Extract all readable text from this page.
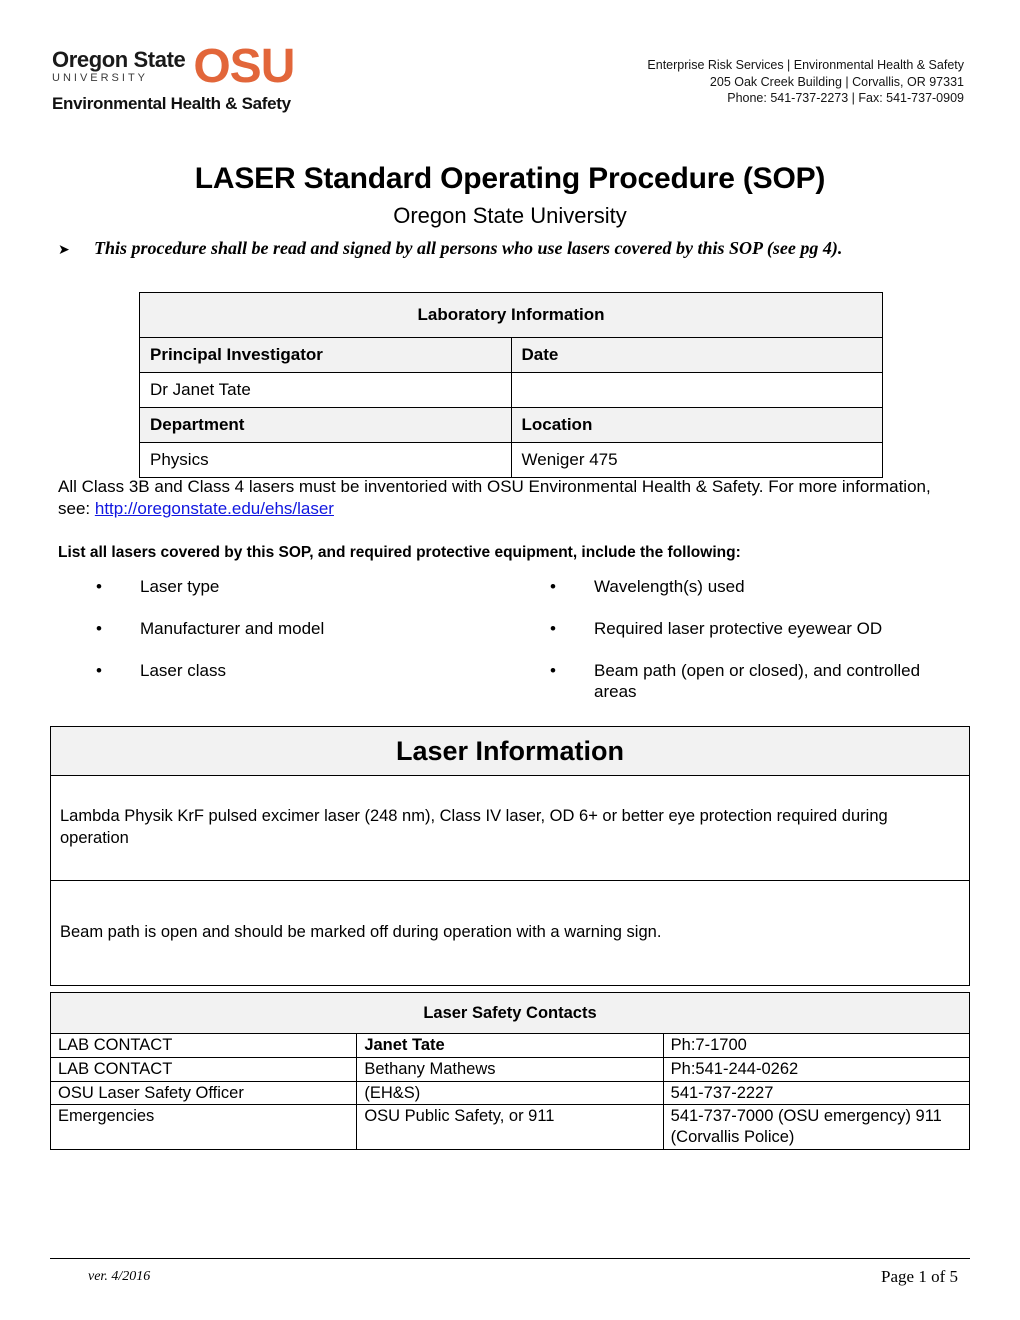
Oregon State
UNIVERSITY OSU
Environmental Health & Safety
Enterprise Risk Services | Environmental Health & Safety
205 Oak Creek Building | Corvallis, OR 97331
Phone: 541-737-2273 | Fax: 541-737-0909
LASER Standard Operating Procedure (SOP)
Oregon State University
➤	This procedure shall be read and signed by all persons who use lasers covered by this SOP (see pg 4).
Laboratory Information	
Principal Investigator	Date
Dr Janet Tate	
Department	Location
Physics	Weniger 475
All Class 3B and Class 4 lasers must be inventoried with OSU Environmental Health & Safety. For more information, see: http://oregonstate.edu/ehs/laser
List all lasers covered by this SOP, and required protective equipment, include the following:
•	Laser type
•	Manufacturer and model
•	Laser class
•	Wavelength(s) used
•	Required laser protective eyewear OD
•	Beam path (open or closed), and controlled areas
Laser Information
Lambda Physik KrF pulsed excimer laser (248 nm), Class IV laser, OD 6+ or better eye protection required during operation
Beam path is open and should be marked off during operation with a warning sign.
Laser Safety Contacts		
LAB CONTACT	Janet Tate	Ph:7-1700
LAB CONTACT	Bethany Mathews	Ph:541-244-0262
OSU Laser Safety Officer	(EH&S)	541-737-2227
Emergencies	OSU Public Safety, or 911	541-737-7000 (OSU emergency) 911 (Corvallis Police)
ver. 4/2016	Page 1 of 5
